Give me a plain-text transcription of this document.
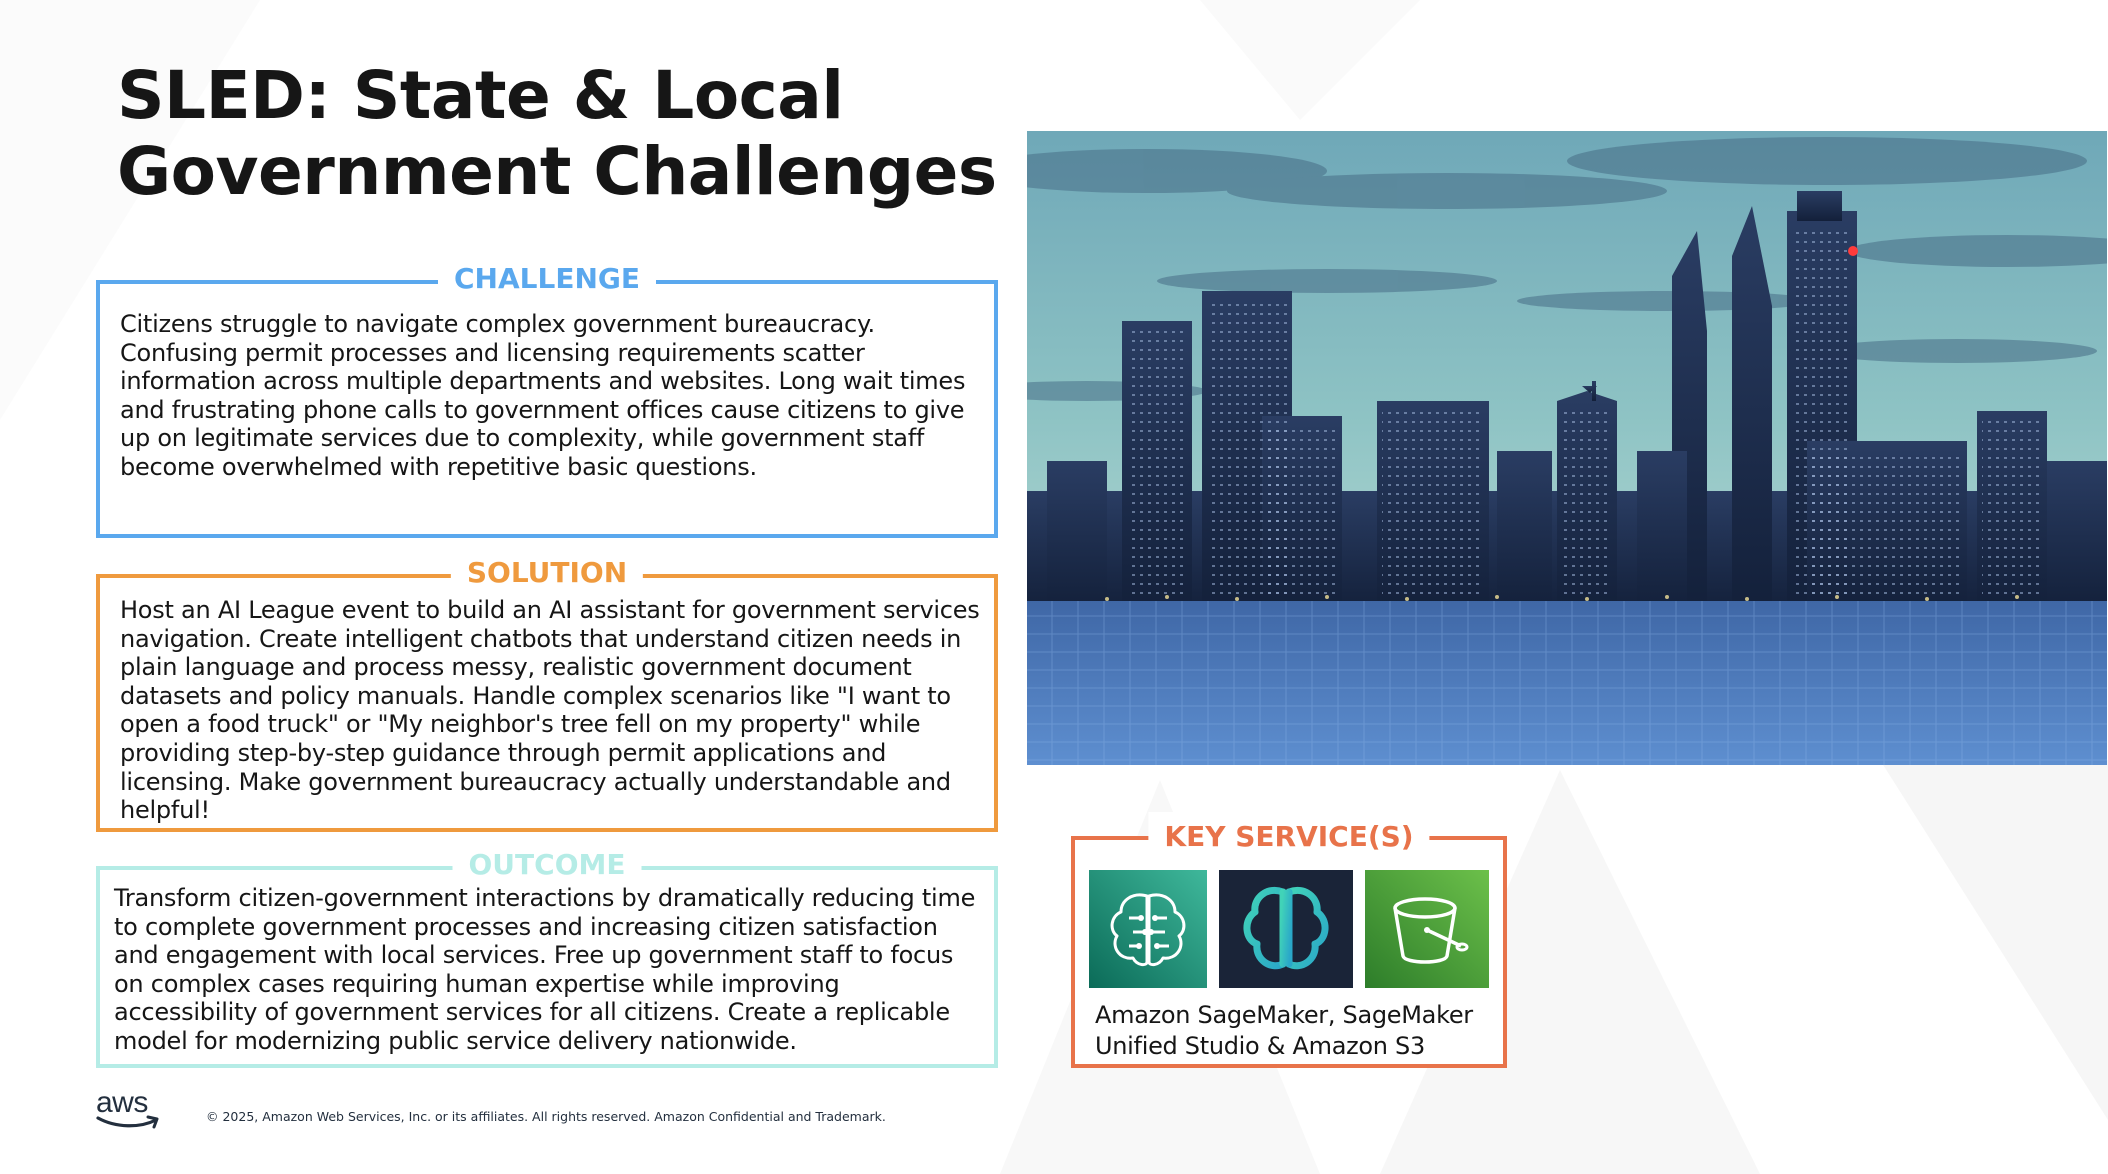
SLED: State & Local
Government Challenges
CHALLENGE

Citizens struggle to navigate complex government bureaucracy. Confusing permit processes and licensing requirements scatter information across multiple departments and websites. Long wait times and frustrating phone calls to government offices cause citizens to give up on legitimate services due to complexity, while government staff become overwhelmed with repetitive basic questions.

SOLUTION

Host an AI League event to build an AI assistant for government services navigation. Create intelligent chatbots that understand citizen needs in plain language and process messy, realistic government document datasets and policy manuals. Handle complex scenarios like "I want to open a food truck" or "My neighbor's tree fell on my property" while providing step-by-step guidance through permit applications and licensing. Make government bureaucracy actually understandable and helpful!

OUTCOME

Transform citizen-government interactions by dramatically reducing time to complete government processes and increasing citizen satisfaction and engagement with local services. Free up government staff to focus on complex cases requiring human expertise while improving accessibility of government services for all citizens. Create a replicable model for modernizing public service delivery nationwide.

KEY SERVICE(S)

Amazon SageMaker, SageMaker Unified Studio & Amazon S3

aws	© 2025, Amazon Web Services, Inc. or its affiliates. All rights reserved. Amazon Confidential and Trademark.
